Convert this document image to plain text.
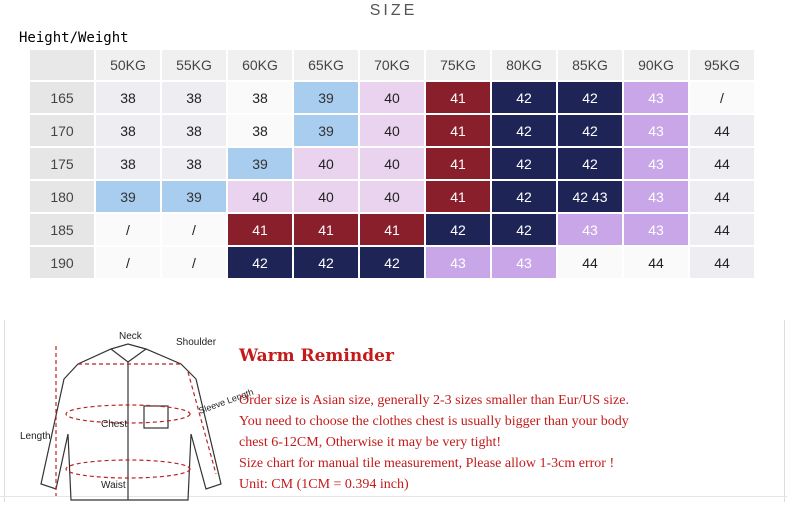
SIZE
Height/Weight
	50KG	55KG	60KG	65KG	70KG	75KG	80KG	85KG	90KG	95KG
165	38	38	38	39	40	41	42	42	43	/
170	38	38	38	39	40	41	42	42	43	44
175	38	38	39	40	40	41	42	42	43	44
180	39	39	40	40	40	41	42	42 43	43	44
185	/	/	41	41	41	42	42	43	43	44
190	/	/	42	42	42	43	43	44	44	44
Neck
Shoulder
Chest
Length
Sleeve Length
Waist
Warm Reminder
Order size is Asian size, generally 2-3 sizes smaller than Eur/US size.
You need to choose the clothes chest is usually bigger than your body
chest 6-12CM, Otherwise it may be very tight!
Size chart for manual tile measurement, Please allow 1-3cm error !
Unit: CM (1CM = 0.394 inch)
